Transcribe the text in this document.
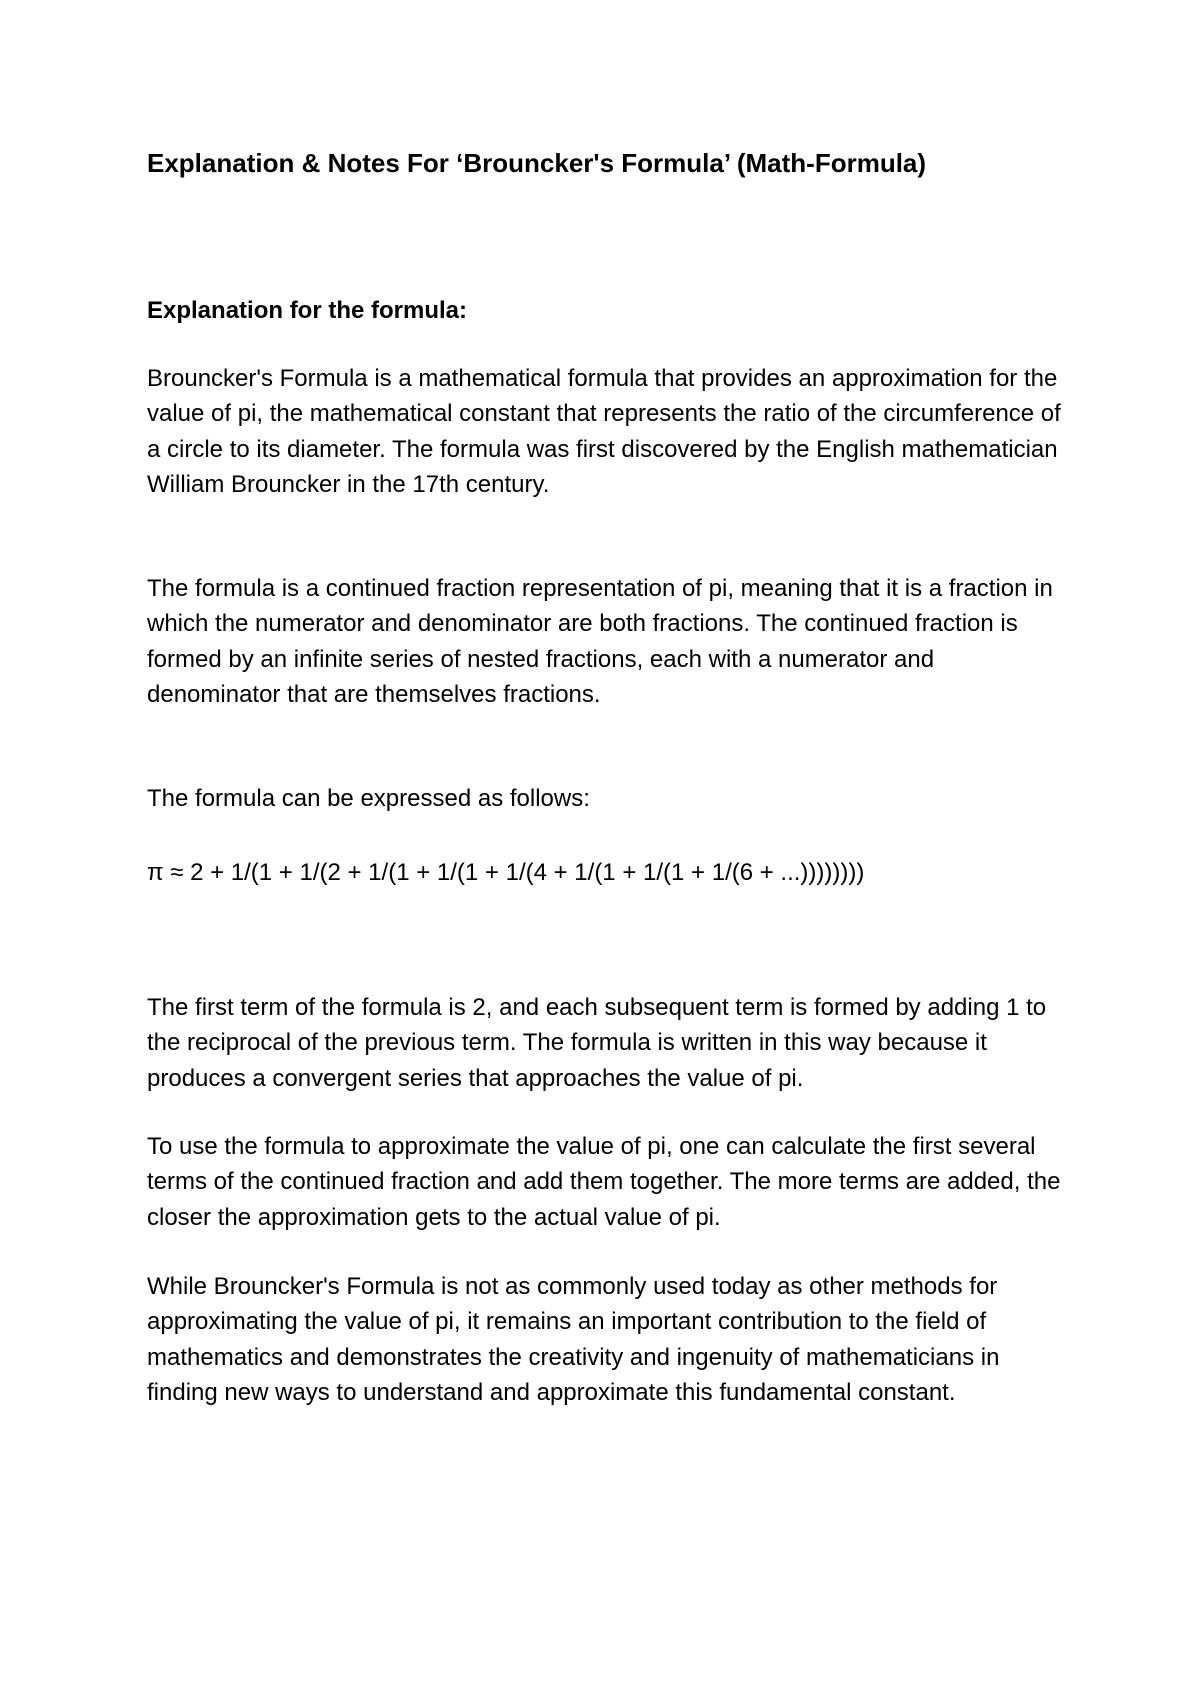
Explanation & Notes For ‘Brouncker's Formula’ (Math-Formula)
Explanation for the formula:

Brouncker's Formula is a mathematical formula that provides an approximation for the value of pi, the mathematical constant that represents the ratio of the circumference of a circle to its diameter. The formula was first discovered by the English mathematician William Brouncker in the 17th century.

The formula is a continued fraction representation of pi, meaning that it is a fraction in which the numerator and denominator are both fractions. The continued fraction is formed by an infinite series of nested fractions, each with a numerator and denominator that are themselves fractions.

The formula can be expressed as follows:

π ≈ 2 + 1/(1 + 1/(2 + 1/(1 + 1/(1 + 1/(4 + 1/(1 + 1/(1 + 1/(6 + ...))))))))

The first term of the formula is 2, and each subsequent term is formed by adding 1 to the reciprocal of the previous term. The formula is written in this way because it produces a convergent series that approaches the value of pi.

To use the formula to approximate the value of pi, one can calculate the first several terms of the continued fraction and add them together. The more terms are added, the closer the approximation gets to the actual value of pi.

While Brouncker's Formula is not as commonly used today as other methods for approximating the value of pi, it remains an important contribution to the field of mathematics and demonstrates the creativity and ingenuity of mathematicians in finding new ways to understand and approximate this fundamental constant.
